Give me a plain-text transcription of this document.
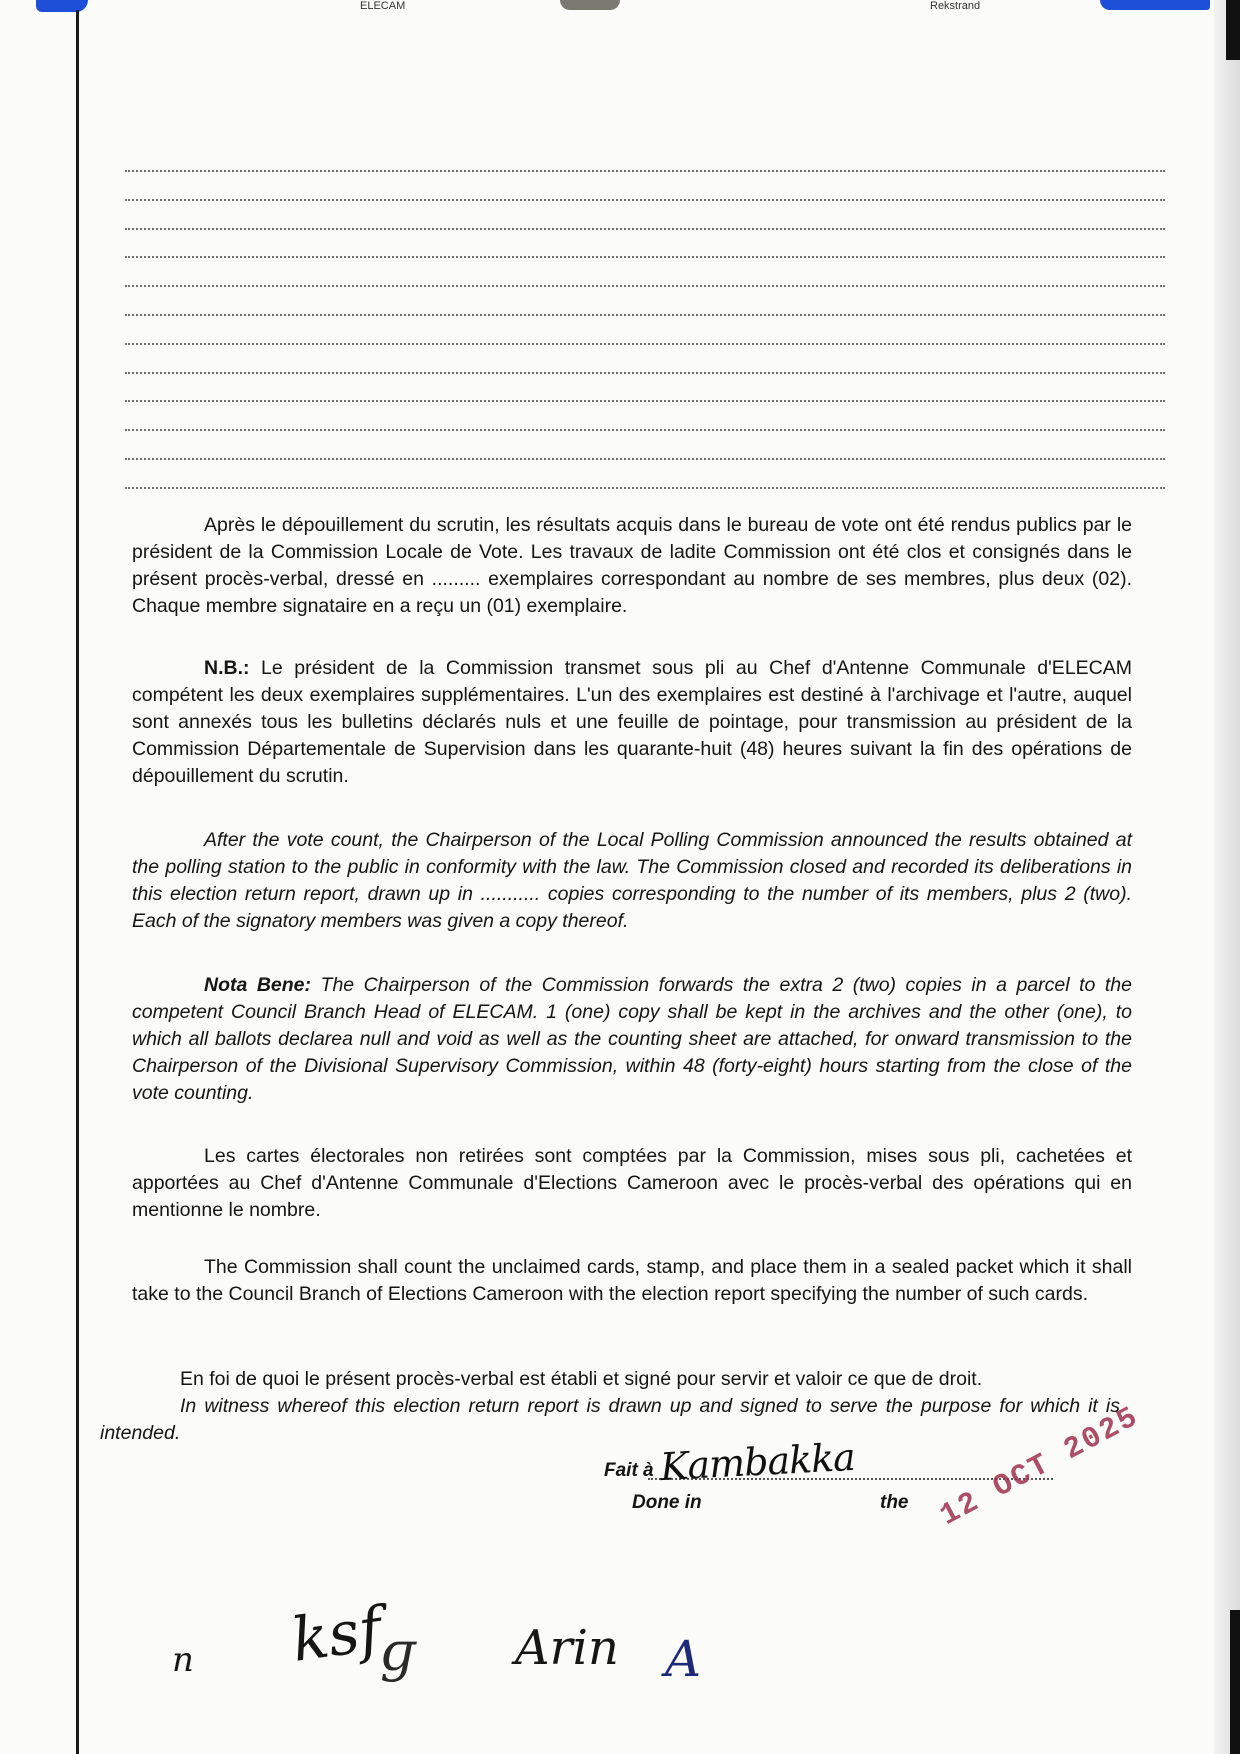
ELECAM	Rekstrand

Après le dépouillement du scrutin, les résultats acquis dans le bureau de vote ont été rendus publics par le président de la Commission Locale de Vote. Les travaux de ladite Commission ont été clos et consignés dans le présent procès-verbal, dressé en ......... exemplaires correspondant au nombre de ses membres, plus deux (02). Chaque membre signataire en a reçu un (01) exemplaire.

N.B.: Le président de la Commission transmet sous pli au Chef d'Antenne Communale d'ELECAM compétent les deux exemplaires supplémentaires. L'un des exemplaires est destiné à l'archivage et l'autre, auquel sont annexés tous les bulletins déclarés nuls et une feuille de pointage, pour transmission au président de la Commission Départementale de Supervision dans les quarante-huit (48) heures suivant la fin des opérations de dépouillement du scrutin.

After the vote count, the Chairperson of the Local Polling Commission announced the results obtained at the polling station to the public in conformity with the law. The Commission closed and recorded its deliberations in this election return report, drawn up in ........... copies corresponding to the number of its members, plus 2 (two). Each of the signatory members was given a copy thereof.

Nota Bene: The Chairperson of the Commission forwards the extra 2 (two) copies in a parcel to the competent Council Branch Head of ELECAM. 1 (one) copy shall be kept in the archives and the other (one), to which all ballots declarea null and void as well as the counting sheet are attached, for onward transmission to the Chairperson of the Divisional Supervisory Commission, within 48 (forty-eight) hours starting from the close of the vote counting.

Les cartes électorales non retirées sont comptées par la Commission, mises sous pli, cachetées et apportées au Chef d'Antenne Communale d'Elections Cameroon avec le procès-verbal des opérations qui en mentionne le nombre.

The Commission shall count the unclaimed cards, stamp, and place them in a sealed packet which it shall take to the Council Branch of Elections Cameroon with the election report specifying the number of such cards.

En foi de quoi le présent procès-verbal est établi et signé pour servir et valoir ce que de droit.

In witness whereof this election return report is drawn up and signed to serve the purpose for which it is intended.

Fait à Kambakka
Done in	the 12 OCT 2025
n ksf
ɡ Arin A
